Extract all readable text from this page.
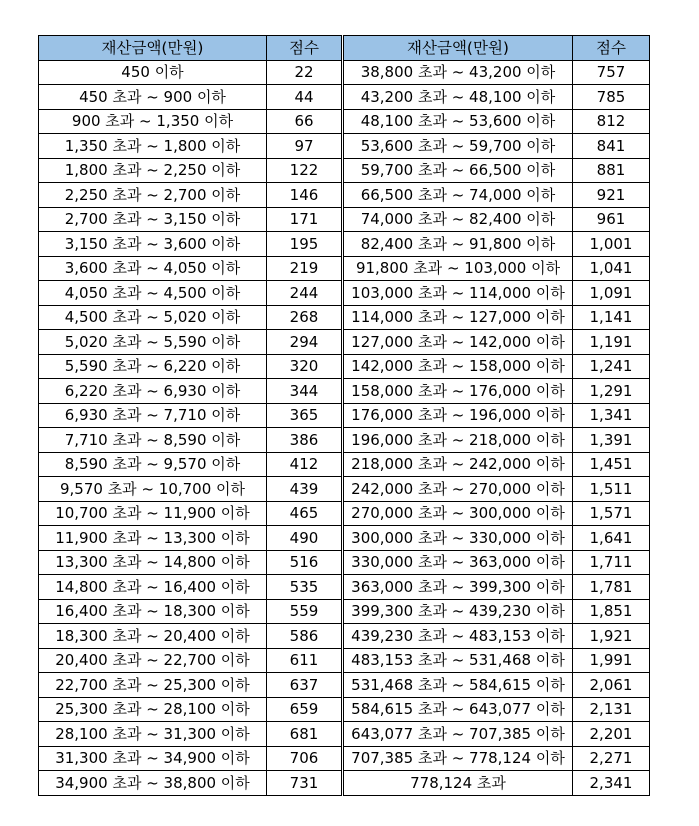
재산금액(만원)	점수	재산금액(만원)	점수
450 이하	22	38,800 초과 ~ 43,200 이하	757
450 초과 ~ 900 이하	44	43,200 초과 ~ 48,100 이하	785
900 초과 ~ 1,350 이하	66	48,100 초과 ~ 53,600 이하	812
1,350 초과 ~ 1,800 이하	97	53,600 초과 ~ 59,700 이하	841
1,800 초과 ~ 2,250 이하	122	59,700 초과 ~ 66,500 이하	881
2,250 초과 ~ 2,700 이하	146	66,500 초과 ~ 74,000 이하	921
2,700 초과 ~ 3,150 이하	171	74,000 초과 ~ 82,400 이하	961
3,150 초과 ~ 3,600 이하	195	82,400 초과 ~ 91,800 이하	1,001
3,600 초과 ~ 4,050 이하	219	91,800 초과 ~ 103,000 이하	1,041
4,050 초과 ~ 4,500 이하	244	103,000 초과 ~ 114,000 이하	1,091
4,500 초과 ~ 5,020 이하	268	114,000 초과 ~ 127,000 이하	1,141
5,020 초과 ~ 5,590 이하	294	127,000 초과 ~ 142,000 이하	1,191
5,590 초과 ~ 6,220 이하	320	142,000 초과 ~ 158,000 이하	1,241
6,220 초과 ~ 6,930 이하	344	158,000 초과 ~ 176,000 이하	1,291
6,930 초과 ~ 7,710 이하	365	176,000 초과 ~ 196,000 이하	1,341
7,710 초과 ~ 8,590 이하	386	196,000 초과 ~ 218,000 이하	1,391
8,590 초과 ~ 9,570 이하	412	218,000 초과 ~ 242,000 이하	1,451
9,570 초과 ~ 10,700 이하	439	242,000 초과 ~ 270,000 이하	1,511
10,700 초과 ~ 11,900 이하	465	270,000 초과 ~ 300,000 이하	1,571
11,900 초과 ~ 13,300 이하	490	300,000 초과 ~ 330,000 이하	1,641
13,300 초과 ~ 14,800 이하	516	330,000 초과 ~ 363,000 이하	1,711
14,800 초과 ~ 16,400 이하	535	363,000 초과 ~ 399,300 이하	1,781
16,400 초과 ~ 18,300 이하	559	399,300 초과 ~ 439,230 이하	1,851
18,300 초과 ~ 20,400 이하	586	439,230 초과 ~ 483,153 이하	1,921
20,400 초과 ~ 22,700 이하	611	483,153 초과 ~ 531,468 이하	1,991
22,700 초과 ~ 25,300 이하	637	531,468 초과 ~ 584,615 이하	2,061
25,300 초과 ~ 28,100 이하	659	584,615 초과 ~ 643,077 이하	2,131
28,100 초과 ~ 31,300 이하	681	643,077 초과 ~ 707,385 이하	2,201
31,300 초과 ~ 34,900 이하	706	707,385 초과 ~ 778,124 이하	2,271
34,900 초과 ~ 38,800 이하	731	778,124 초과	2,341
